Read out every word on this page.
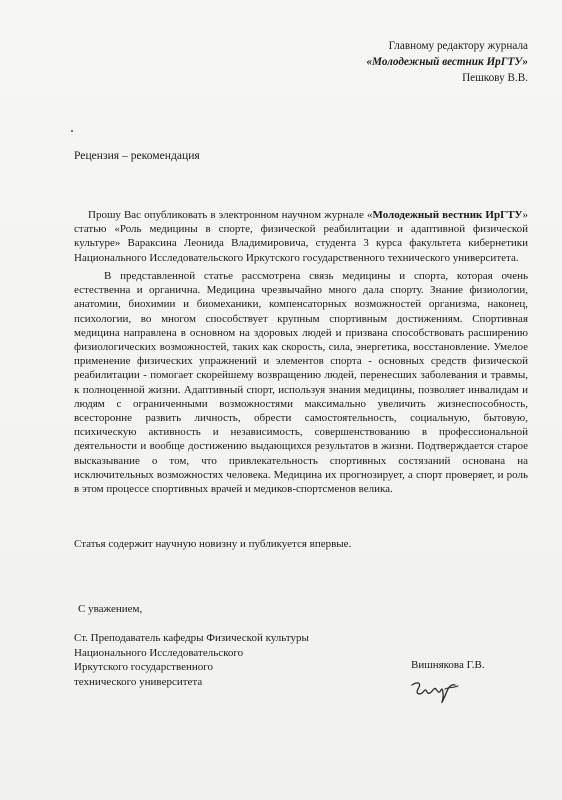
Главному редактору журнала
«Молодежный вестник ИрГТУ»
Пешкову В.В.
Рецензия – рекомендация
Прошу Вас опубликовать в электронном научном журнале «Молодежный вестник ИрГТУ» статью «Роль медицины в спорте, физической реабилитации и адаптивной физической культуре» Варaксина Леонида Владимировича, студента 3 курса факультета кибернетики Национального Исследовательского Иркутского государственного технического университета.
В представленной статье рассмотрена связь медицины и спорта, которая очень естественна и органична. Медицина чрезвычайно много дала спорту. Знание физиологии, анатомии, биохимии и биомеханики, компенсаторных возможностей организма, наконец, психологии, во многом способствует крупным спортивным достижениям. Спортивная медицина направлена в основном на здоровых людей и призвана способствовать расширению физиологических возможностей, таких как скорость, сила, энергетика, восстановление. Умелое применение физических упражнений и элементов спорта - основных средств физической реабилитации - помогает скорейшему возвращению людей, перенесших заболевания и травмы, к полноценной жизни. Адаптивный спорт, используя знания медицины, позволяет инвалидам и людям с ограниченными возможностями максимально увеличить жизнеспособность, всесторонне развить личность, обрести самостоятельность, социальную, бытовую, психическую активность и независимость, совершенствованию в профессиональной деятельности и вообще достижению выдающихся результатов в жизни. Подтверждается старое высказывание о том, что привлекательность спортивных состязаний основана на исключительных возможностях человека. Медицина их прогнозирует, а спорт проверяет, и роль в этом процессе спортивных врачей и медиков-спортсменов велика.
Статья содержит научную новизну и публикуется впервые.
С уважением,
Ст. Преподаватель кафедры Физической культуры
Национального Исследовательского
Иркутского государственного
технического университета
Вишнякова Г.В.
